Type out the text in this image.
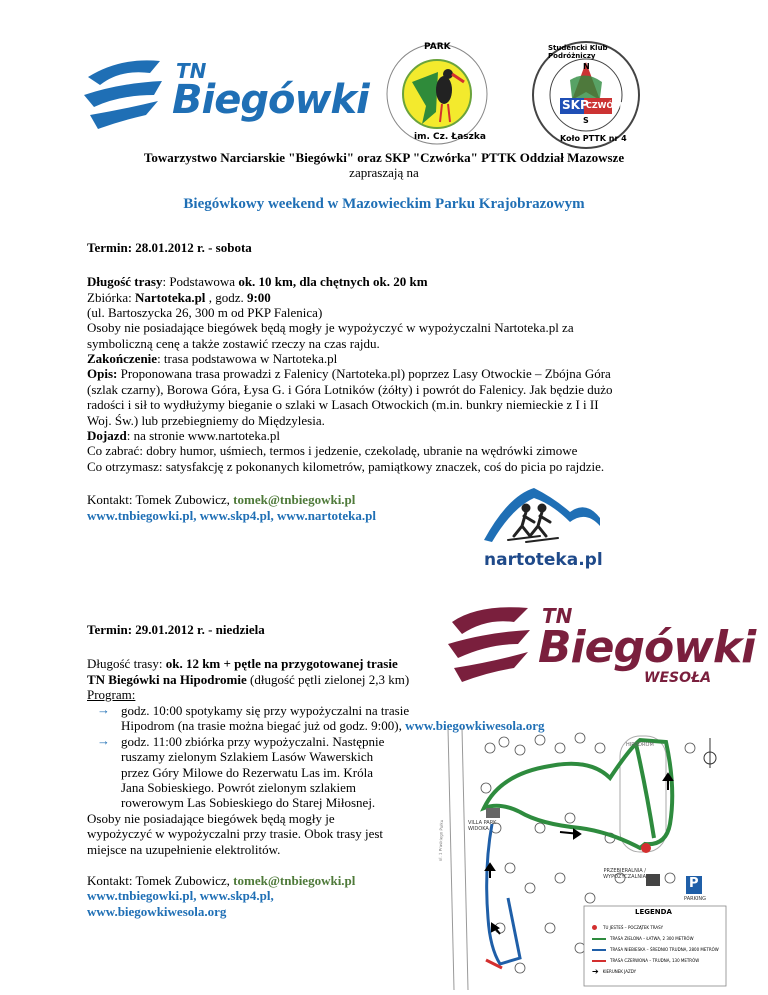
TN
Biegówki
PARK
im. Cz. Łaszka
SKP
CZWÓRKA
N
S
Studencki Klub Podróżniczy
Koło PTTK nr 4
Towarzystwo Narciarskie "Biegówki" oraz SKP "Czwórka" PTTK Oddział Mazowsze
zapraszają na
Biegówkowy weekend w Mazowieckim Parku Krajobrazowym
Termin: 28.01.2012 r. - sobota
Długość trasy: Podstawowa ok. 10 km, dla chętnych ok. 20 km
Zbiórka: Nartoteka.pl , godz. 9:00
(ul. Bartoszycka 26, 300 m od PKP Falenica)
Osoby nie posiadające biegówek będą mogły je wypożyczyć w wypożyczalni Nartoteka.pl za
symboliczną cenę a także zostawić rzeczy na czas rajdu.
Zakończenie: trasa podstawowa w Nartoteka.pl
Opis: Proponowana trasa prowadzi z Falenicy (Nartoteka.pl) poprzez Lasy Otwockie – Zbójna Góra
(szlak czarny), Borowa Góra, Łysa G. i Góra Lotników (żółty) i powrót do Falenicy. Jak będzie dużo
radości i sił to wydłużymy bieganie o szlaki w Lasach Otwockich (m.in. bunkry niemieckie z I i II
Woj. Św.) lub przebiegniemy do Międzylesia.
Dojazd: na stronie www.nartoteka.pl
Co zabrać: dobry humor, uśmiech, termos i jedzenie, czekoladę, ubranie na wędrówki zimowe
Co otrzymasz: satysfakcję z pokonanych kilometrów, pamiątkowy znaczek, coś do picia po rajdzie.
Kontakt: Tomek Zubowicz, tomek@tnbiegowki.pl
www.tnbiegowki.pl, www.skp4.pl, www.nartoteka.pl
nartoteka.pl
Termin: 29.01.2012 r. - niedziela
TN
Biegówki
WESOŁA
Długość trasy: ok. 12 km + pętle na przygotowanej trasie
TN Biegówki na Hipodromie (długość pętli zielonej 2,3 km)
Program:
→ godz. 10:00 spotykamy się przy wypożyczalni na trasie
Hipodrom (na trasie można biegać już od godz. 9:00), www.biegowkiwesola.org
→ godz. 11:00 zbiórka przy wypożyczalni. Następnie
ruszamy zielonym Szlakiem Lasów Wawerskich
przez Góry Milowe do Rezerwatu Las im. Króla
Jana Sobieskiego. Powrót zielonym szlakiem
rowerowym Las Sobieskiego do Starej Miłosnej.
Osoby nie posiadające biegówek będą mogły je
wypożyczyć w wypożyczalni przy trasie. Obok trasy jest
miejsce na uzupełnienie elektrolitów.
Kontakt: Tomek Zubowicz, tomek@tnbiegowki.pl
www.tnbiegowki.pl, www.skp4.pl,
www.biegowkiwesola.org
HIPODROM
VILLA PARK WIDOKA
PRZEBIERALNIA / WYPOŻYCZALNIA	P
PARKING
LEGENDA
TU JESTEŚ – POCZĄTEK TRASY
TRASA ZIELONA – ŁATWA, 2 300 METRÓW
TRASA NIEBIESKA – ŚREDNIO TRUDNA, 2800 METRÓW
TRASA CZERWONA – TRUDNA, 130 METRÓW
➔ KIERUNEK JAZDY
ul. 1 Praskiego Pułku
